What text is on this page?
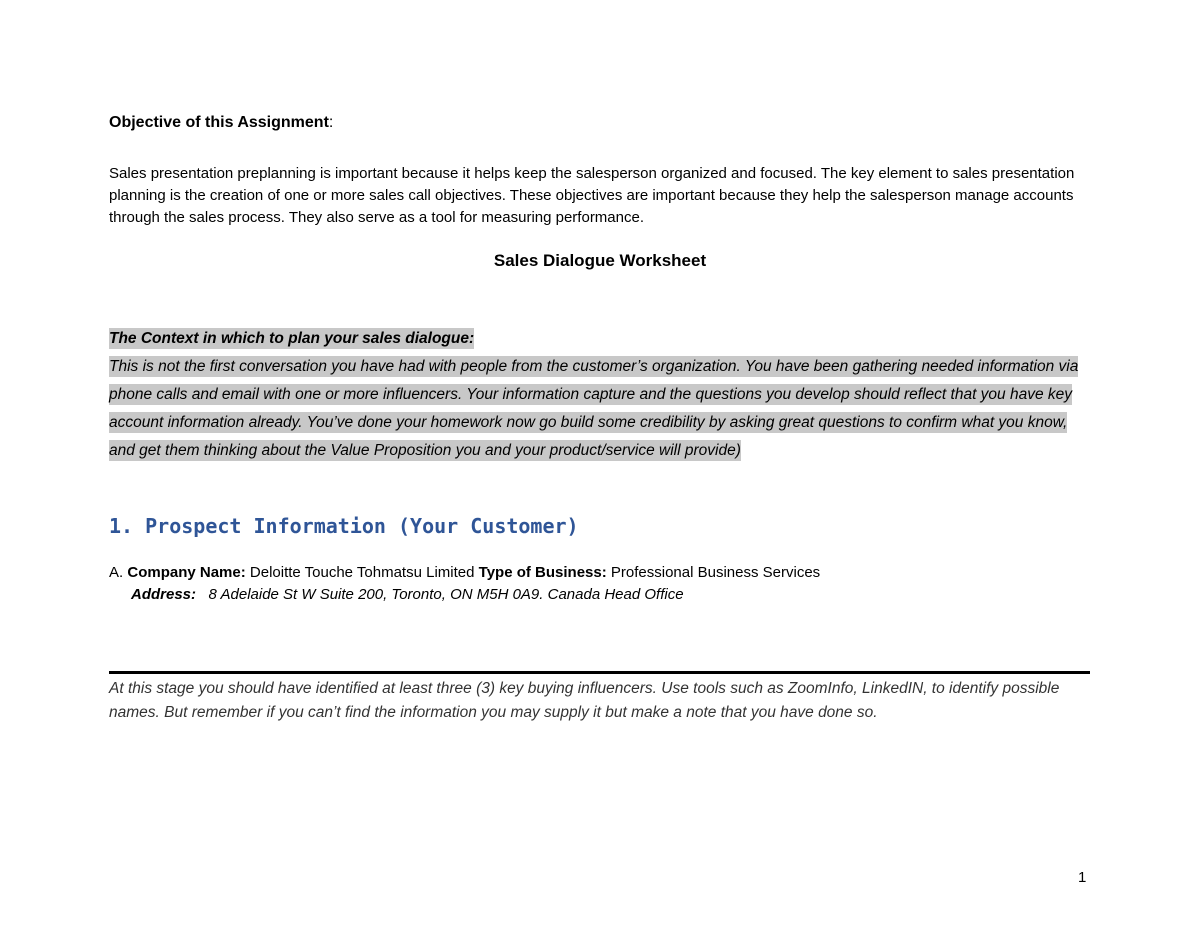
Objective of this Assignment:
Sales presentation preplanning is important because it helps keep the salesperson organized and focused. The key element to sales presentation planning is the creation of one or more sales call objectives. These objectives are important because they help the salesperson manage accounts through the sales process. They also serve as a tool for measuring performance.
Sales Dialogue Worksheet
The Context in which to plan your sales dialogue:
This is not the first conversation you have had with people from the customer’s organization. You have been gathering needed information via phone calls and email with one or more influencers. Your information capture and the questions you develop should reflect that you have key account information already. You’ve done your homework now go build some credibility by asking great questions to confirm what you know, and get them thinking about the Value Proposition you and your product/service will provide)
1. Prospect Information (Your Customer)
A. Company Name: Deloitte Touche Tohmatsu Limited Type of Business: Professional Business Services
Address: 8 Adelaide St W Suite 200, Toronto, ON M5H 0A9. Canada Head Office
At this stage you should have identified at least three (3) key buying influencers. Use tools such as ZoomInfo, LinkedIN, to identify possible names. But remember if you can’t find the information you may supply it but make a note that you have done so.
1
